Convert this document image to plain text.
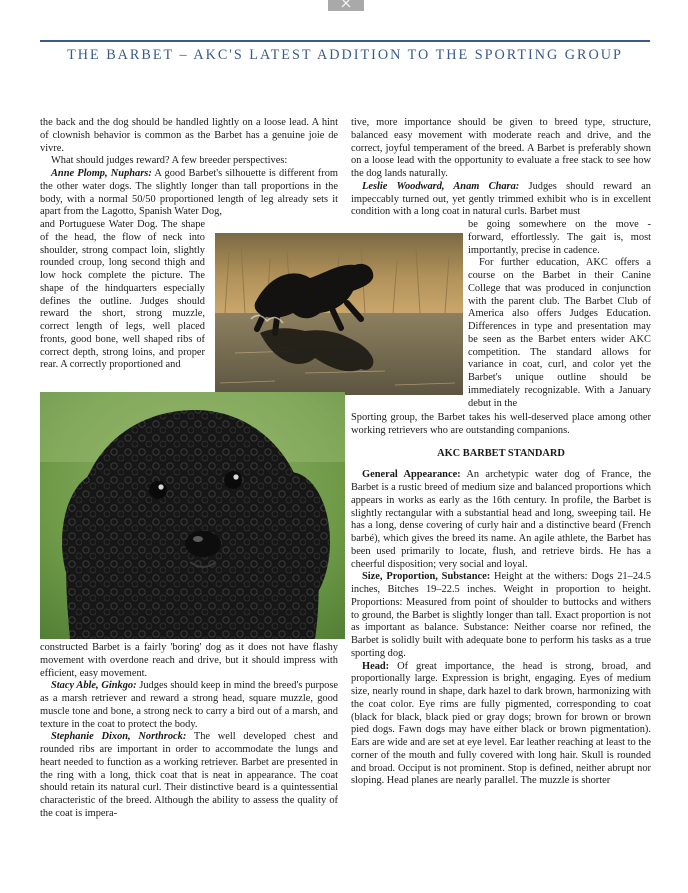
THE BARBET – AKC'S LATEST ADDITION TO THE SPORTING GROUP

the back and the dog should be handled lightly on a loose lead. A hint of clownish behavior is common as the Barbet has a genuine joie de vivre.

What should judges reward? A few breeder perspectives:

Anne Plomp, Nuphars: A good Barbet's silhouette is different from the other water dogs. The slightly longer than tall proportions in the body, with a normal 50/50 proportioned length of leg already sets it apart from the Lagotto, Spanish Water Dog,

and Portuguese Water Dog. The shape of the head, the flow of neck into shoulder, strong compact loin, slightly rounded croup, long second thigh and low hock complete the picture. The shape of the hindquarters especially defines the outline. Judges should reward the short, strong muzzle, correct length of legs, well placed fronts, good bone, well shaped ribs of correct depth, strong loins, and proper rear. A correctly proportioned and

constructed Barbet is a fairly 'boring' dog as it does not have flashy movement with overdone reach and drive, but it should impress with efficient, easy movement.

Stacy Able, Ginkgo: Judges should keep in mind the breed's purpose as a marsh retriever and reward a strong head, square muzzle, good muscle tone and bone, a strong neck to carry a bird out of a marsh, and texture in the coat to protect the body.

Stephanie Dixon, Northrock: The well developed chest and rounded ribs are important in order to accommodate the lungs and heart needed to function as a working retriever. Barbet are presented in the ring with a long, thick coat that is neat in appearance. The coat should retain its natural curl. Their distinctive beard is a quintessential characteristic of the breed. Although the ability to assess the quality of the coat is impera-

tive, more importance should be given to breed type, structure, balanced easy movement with moderate reach and drive, and the correct, joyful temperament of the breed. A Barbet is preferably shown on a loose lead with the opportunity to evaluate a free stack to see how the dog lands naturally.

Leslie Woodward, Anam Chara: Judges should reward an impeccably turned out, yet gently trimmed exhibit who is in excellent condition with a long coat in natural curls. Barbet must

be going somewhere on the move - forward, effortlessly. The gait is, most importantly, precise in cadence.

For further education, AKC offers a course on the Barbet in their Canine College that was produced in conjunction with the parent club. The Barbet Club of America also offers Judges Education. Differences in type and presentation may be seen as the Barbet enters wider AKC competition. The standard allows for variance in coat, curl, and color yet the Barbet's unique outline should be immediately recognizable. With a January debut in the

Sporting group, the Barbet takes his well-deserved place among other working retrievers who are outstanding companions.

AKC BARBET STANDARD

General Appearance: An archetypic water dog of France, the Barbet is a rustic breed of medium size and balanced proportions which appears in works as early as the 16th century. In profile, the Barbet is slightly rectangular with a substantial head and long, sweeping tail. He has a long, dense covering of curly hair and a distinctive beard (French barbé), which gives the breed its name. An agile athlete, the Barbet has been used primarily to locate, flush, and retrieve birds. He has a cheerful disposition; very social and loyal.

Size, Proportion, Substance: Height at the withers: Dogs 21–24.5 inches, Bitches 19–22.5 inches. Weight in proportion to height. Proportions: Measured from point of shoulder to buttocks and withers to ground, the Barbet is slightly longer than tall. Exact proportion is not as important as balance. Substance: Neither coarse nor refined, the Barbet is solidly built with adequate bone to perform his tasks as a true sporting dog.

Head: Of great importance, the head is strong, broad, and proportionally large. Expression is bright, engaging. Eyes of medium size, nearly round in shape, dark hazel to dark brown, harmonizing with the coat color. Eye rims are fully pigmented, corresponding to coat (black for black, black pied or gray dogs; brown for brown or brown pied dogs. Fawn dogs may have either black or brown pigmentation). Ears are wide and are set at eye level. Ear leather reaching at least to the corner of the mouth and fully covered with long hair. Skull is rounded and broad. Occiput is not prominent. Stop is defined, neither abrupt nor sloping. Head planes are nearly parallel. The muzzle is shorter
